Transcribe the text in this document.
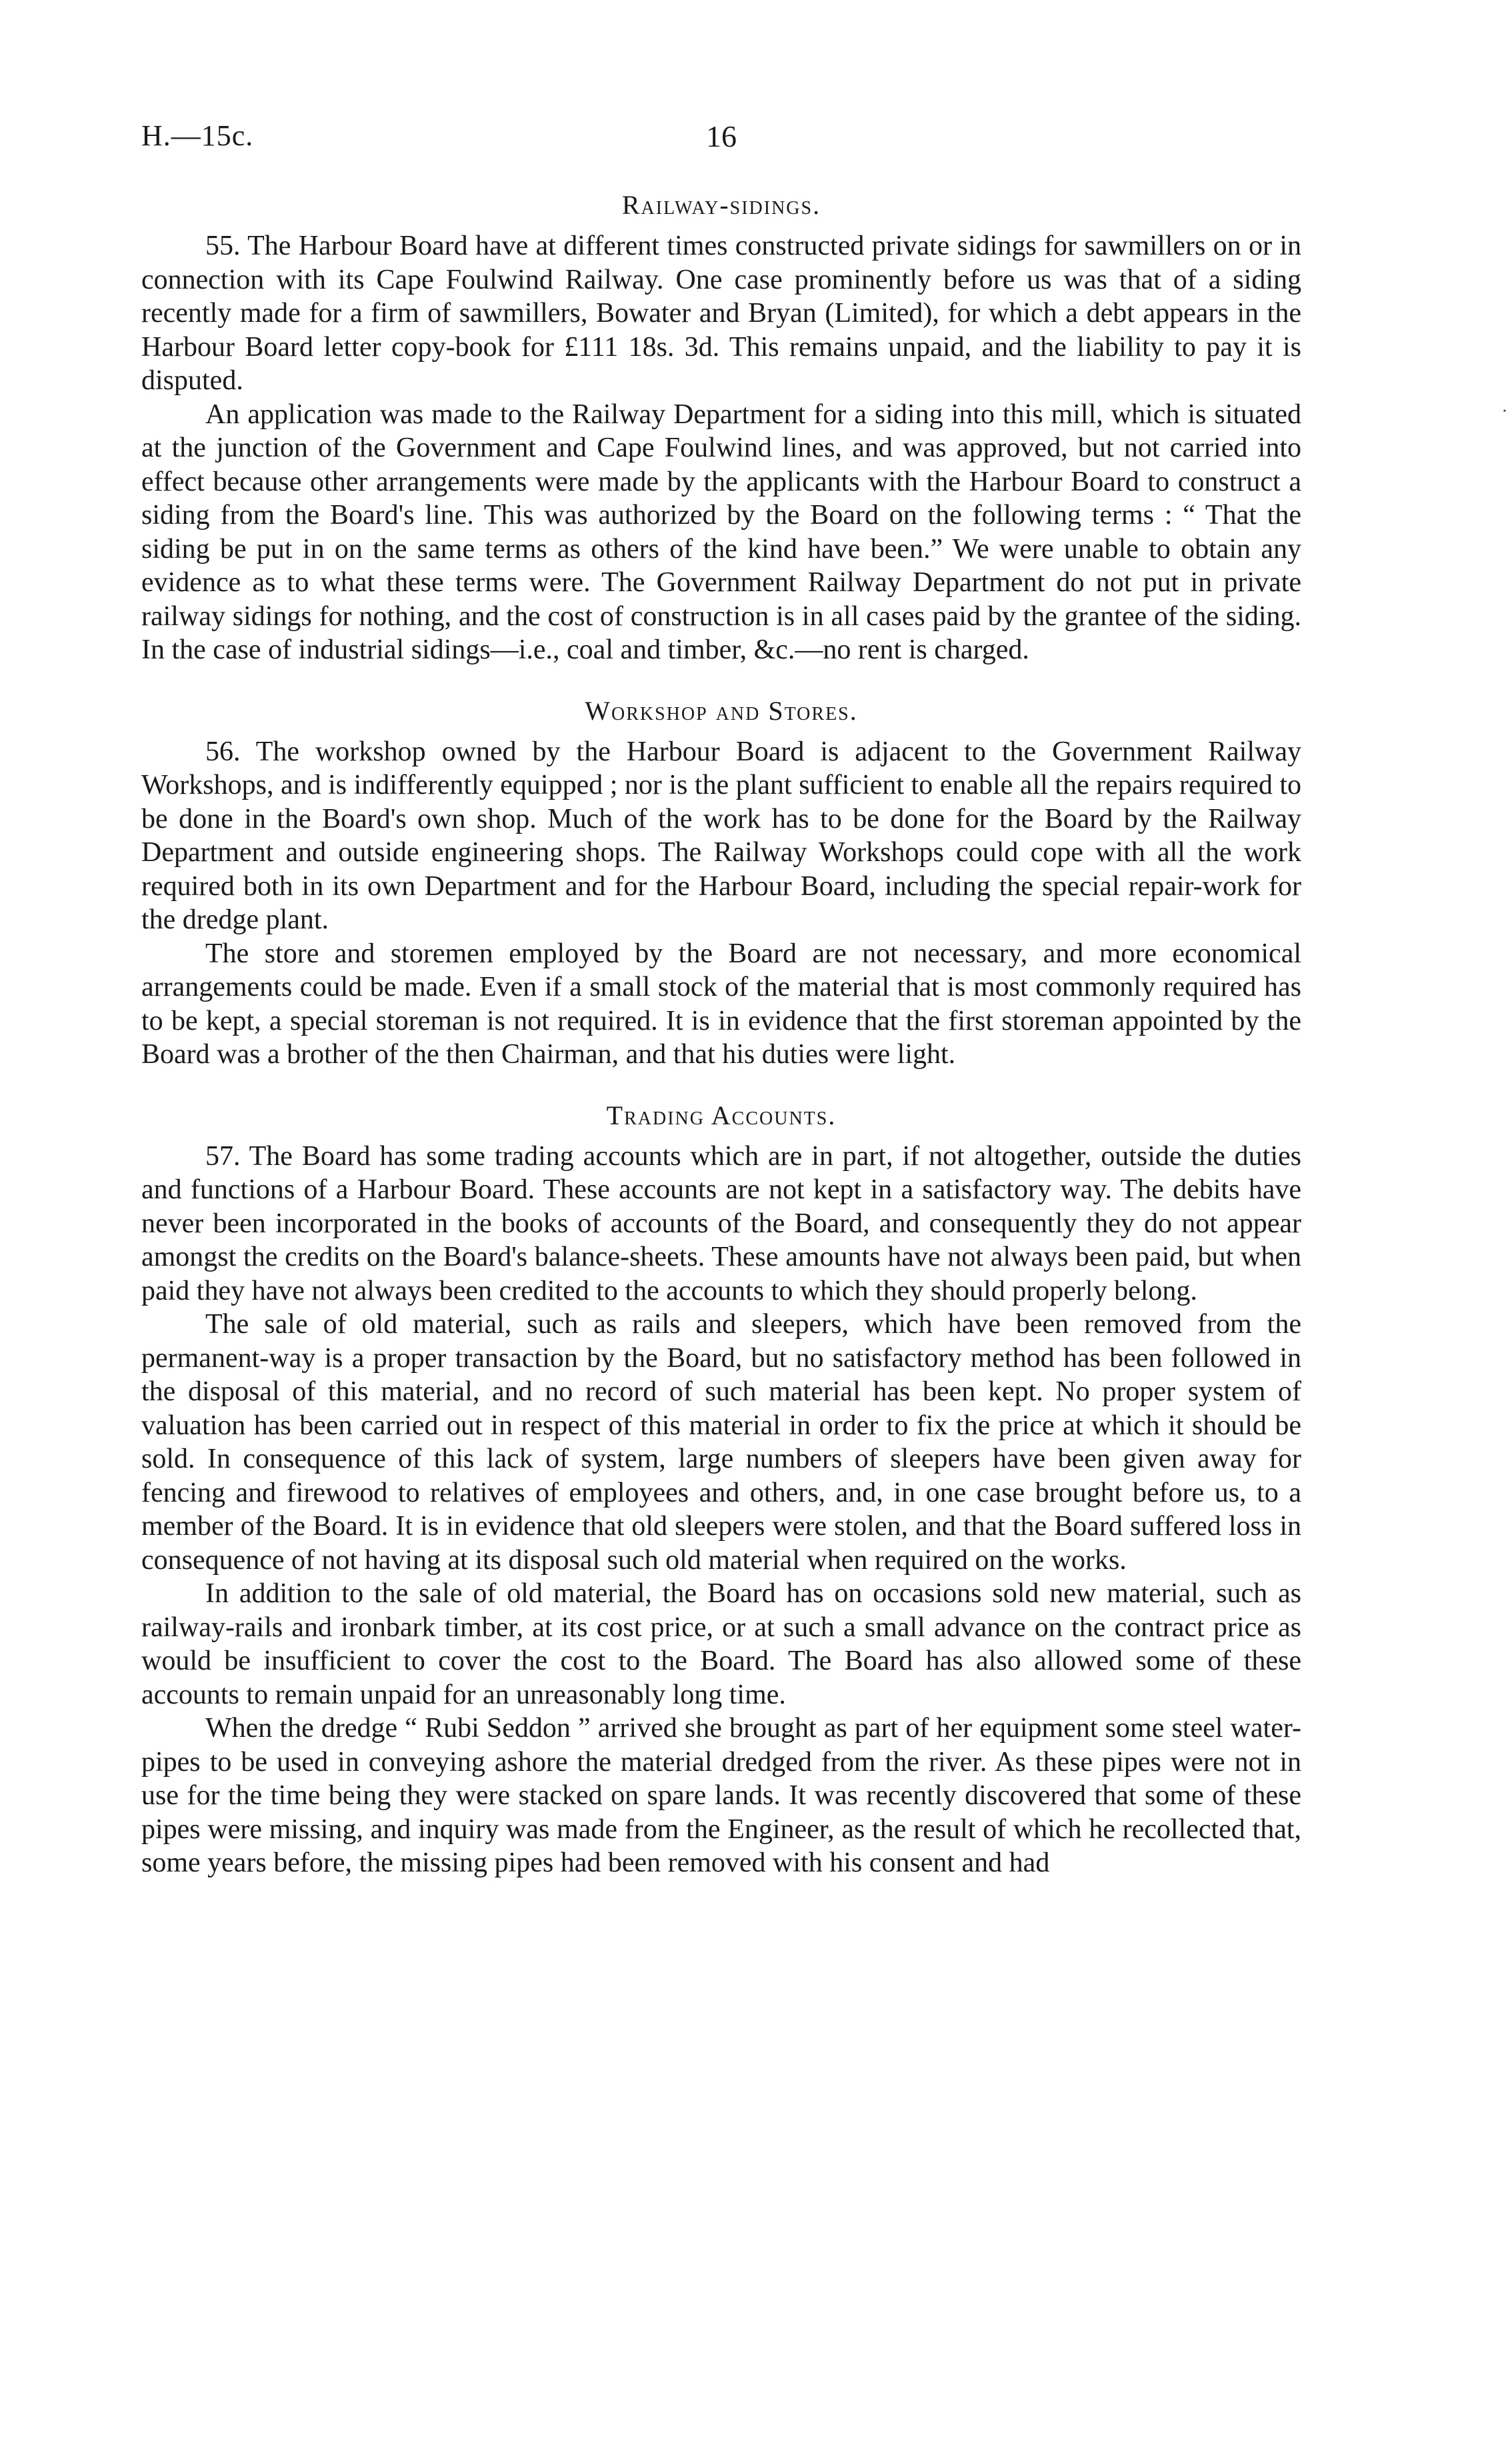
H.—15c.	16
Railway-sidings.

55. The Harbour Board have at different times constructed private sidings for sawmillers on or in connection with its Cape Foulwind Railway. One case prominently before us was that of a siding recently made for a firm of sawmillers, Bowater and Bryan (Limited), for which a debt appears in the Harbour Board letter copy-book for £111 18s. 3d. This remains unpaid, and the liability to pay it is disputed.

An application was made to the Railway Department for a siding into this mill, which is situated at the junction of the Government and Cape Foulwind lines, and was approved, but not carried into effect because other arrangements were made by the applicants with the Harbour Board to construct a siding from the Board's line. This was authorized by the Board on the following terms : “ That the siding be put in on the same terms as others of the kind have been.” We were unable to obtain any evidence as to what these terms were. The Government Railway Department do not put in private railway sidings for nothing, and the cost of construction is in all cases paid by the grantee of the siding. In the case of industrial sidings—i.e., coal and timber, &c.—no rent is charged.

Workshop and Stores.

56. The workshop owned by the Harbour Board is adjacent to the Government Railway Workshops, and is indifferently equipped ; nor is the plant sufficient to enable all the repairs required to be done in the Board's own shop. Much of the work has to be done for the Board by the Railway Department and outside engineering shops. The Railway Workshops could cope with all the work required both in its own Department and for the Harbour Board, including the special repair-work for the dredge plant.

The store and storemen employed by the Board are not necessary, and more economical arrangements could be made. Even if a small stock of the material that is most commonly required has to be kept, a special storeman is not required. It is in evidence that the first storeman appointed by the Board was a brother of the then Chairman, and that his duties were light.

Trading Accounts.

57. The Board has some trading accounts which are in part, if not altogether, outside the duties and functions of a Harbour Board. These accounts are not kept in a satisfactory way. The debits have never been incorporated in the books of accounts of the Board, and consequently they do not appear amongst the credits on the Board's balance-sheets. These amounts have not always been paid, but when paid they have not always been credited to the accounts to which they should properly belong.

The sale of old material, such as rails and sleepers, which have been removed from the permanent-way is a proper transaction by the Board, but no satisfactory method has been followed in the disposal of this material, and no record of such material has been kept. No proper system of valuation has been carried out in respect of this material in order to fix the price at which it should be sold. In consequence of this lack of system, large numbers of sleepers have been given away for fencing and firewood to relatives of employees and others, and, in one case brought before us, to a member of the Board. It is in evidence that old sleepers were stolen, and that the Board suffered loss in consequence of not having at its disposal such old material when required on the works.

In addition to the sale of old material, the Board has on occasions sold new material, such as railway-rails and ironbark timber, at its cost price, or at such a small advance on the contract price as would be insufficient to cover the cost to the Board. The Board has also allowed some of these accounts to remain unpaid for an unreasonably long time.

When the dredge “ Rubi Seddon ” arrived she brought as part of her equipment some steel water-pipes to be used in conveying ashore the material dredged from the river. As these pipes were not in use for the time being they were stacked on spare lands. It was recently discovered that some of these pipes were missing, and inquiry was made from the Engineer, as the result of which he recollected that, some years before, the missing pipes had been removed with his consent and had

·
